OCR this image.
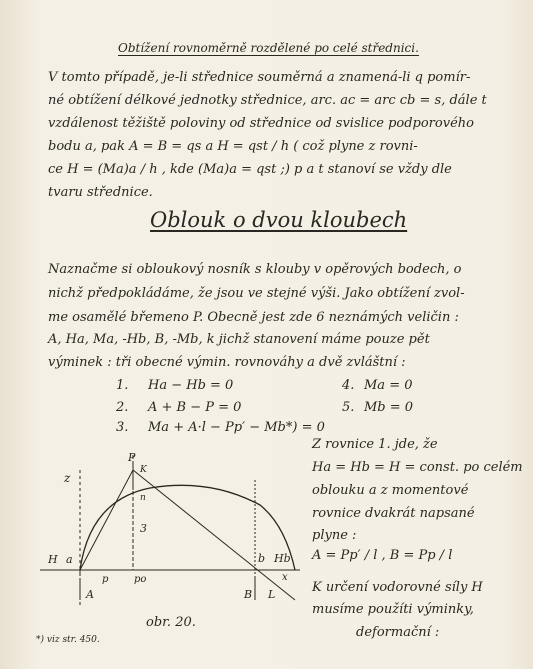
Obtížení rovnoměrně rozdělené po celé střednici.
V tomto případě, je-li střednice souměrná a znamená-li q pomír-
né obtížení délkové jednotky střednice, arc. ac = arc cb = s, dále t
vzdálenost těžiště poloviny od střednice od svislice podporového
bodu a, pak A = B = qs a H = qst / h ( což plyne z rovni-
ce H = (Ma)a / h , kde (Ma)a = qst ;) p a t stanoví se vždy dle
tvaru střednice.
Oblouk o dvou kloubech
Naznačme si obloukový nosník s klouby v opěrových bodech, o
nichž předpokládáme, že jsou ve stejné výši. Jako obtížení zvol-
me osamělé břemeno P. Obecně jest zde 6 neznámých veličin :
A, Ha, Ma, -Hb, B, -Mb, k jichž stanovení máme pouze pět
výminek : tři obecné výmin. rovnováhy a dvě zvláštní :
1. Ha − Hb = 0
2. A + B − P = 0
3. Ma + A·l − Pp′ − Mb*) = 0
4. Ma = 0
5. Mb = 0
Z rovnice 1. jde, že
Ha = Hb = H = const. po celém
oblouku a z momentové
rovnice dvakrát napsané
plyne :
A = Pp′ / l , B = Pp / l
K určení vodorovné síly H
musíme použíti výminky,
deformační :
z
P
K
n
3
H a
A
p	po
b Hb
x
B L
obr. 20.
*) viz str. 450.
